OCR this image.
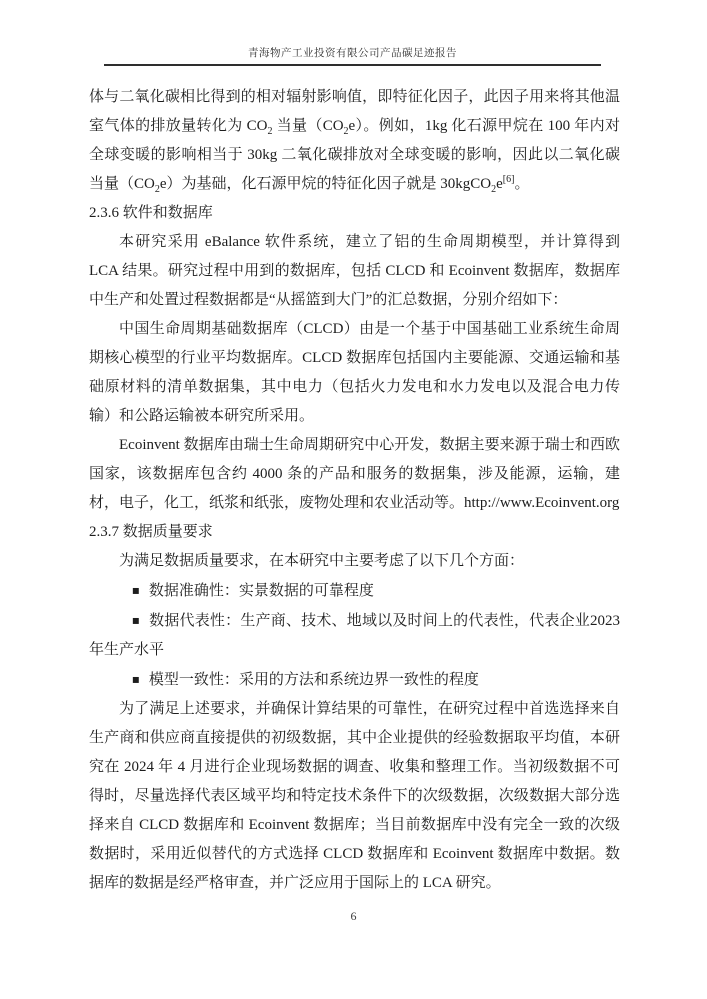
青海物产工业投资有限公司产品碳足迹报告

体与二氧化碳相比得到的相对辐射影响值，即特征化因子，此因子用来将其他温室气体的排放量转化为 $CO_2$ 当量$(CO_2e)$。例如，1kg 化石源甲烷在 100 年内对全球变暖的影响相当于 30kg 二氧化碳排放对全球变暖的影响，因此以二氧化碳当量$(CO_2e)$为基础，化石源甲烷的特征化因子就是 30kgCO$_2$e[6]。

2.3.6 软件和数据库

本研究采用 eBalance 软件系统，建立了铝的生命周期模型，并计算得到 LCA 结果。研究过程中用到的数据库，包括 CLCD 和 Ecoinvent 数据库，数据库中生产和处置过程数据都是“从摇篮到大门”的汇总数据，分别介绍如下：

中国生命周期基础数据库（CLCD）由是一个基于中国基础工业系统生命周期核心模型的行业平均数据库。CLCD 数据库包括国内主要能源、交通运输和基础原材料的清单数据集，其中电力（包括火力发电和水力发电以及混合电力传输）和公路运输被本研究所采用。

Ecoinvent 数据库由瑞士生命周期研究中心开发，数据主要来源于瑞士和西欧国家，该数据库包含约 4000 条的产品和服务的数据集，涉及能源，运输，建材，电子，化工，纸浆和纸张，废物处理和农业活动等。http://www.Ecoinvent.org

2.3.7 数据质量要求

为满足数据质量要求，在本研究中主要考虑了以下几个方面：

▪ 数据准确性：实景数据的可靠程度

▪ 数据代表性：生产商、技术、地域以及时间上的代表性，代表企业2023年生产水平

▪ 模型一致性：采用的方法和系统边界一致性的程度

为了满足上述要求，并确保计算结果的可靠性，在研究过程中首选选择来自生产商和供应商直接提供的初级数据，其中企业提供的经验数据取平均值，本研究在 2024 年 4 月进行企业现场数据的调查、收集和整理工作。当初级数据不可得时，尽量选择代表区域平均和特定技术条件下的次级数据，次级数据大部分选择来自 CLCD 数据库和 Ecoinvent 数据库；当目前数据库中没有完全一致的次级数据时，采用近似替代的方式选择 CLCD 数据库和 Ecoinvent 数据库中数据。数据库的数据是经严格审查，并广泛应用于国际上的 LCA 研究。

6
